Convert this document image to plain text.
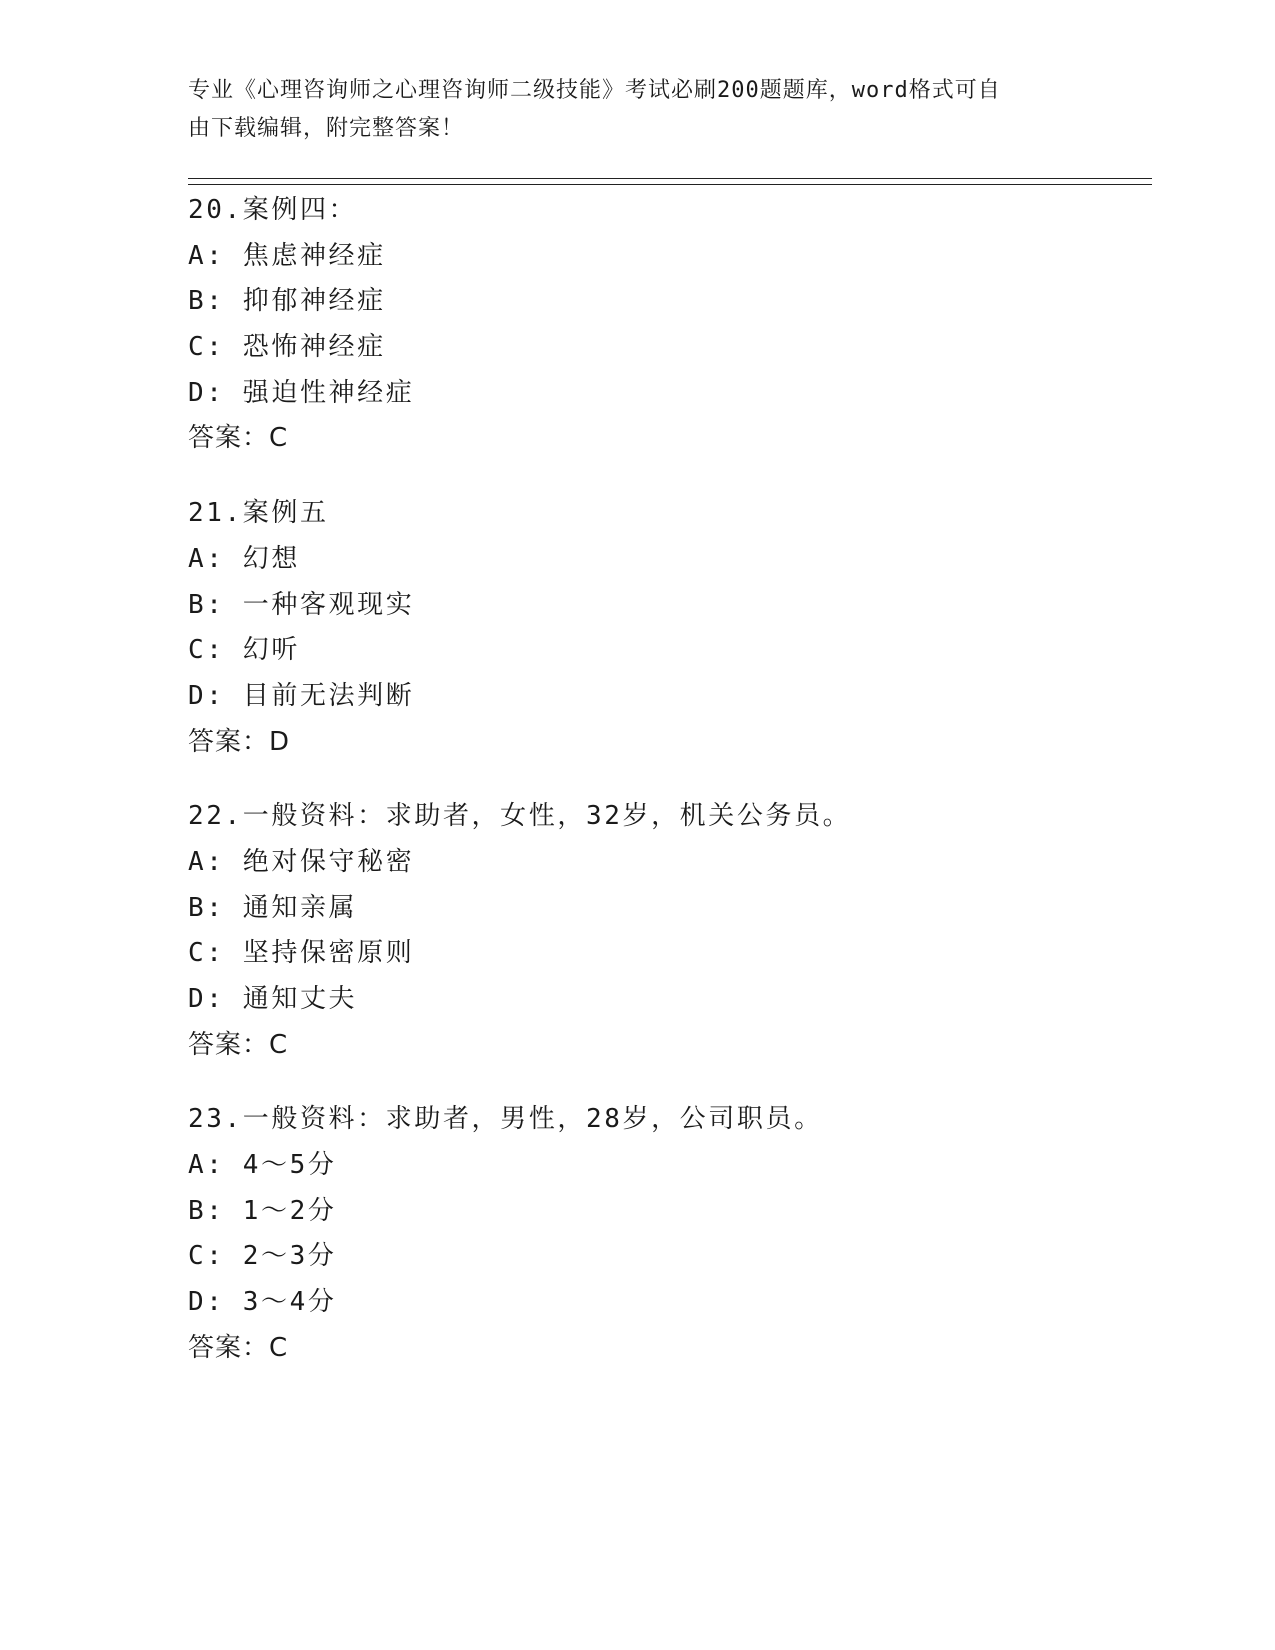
专业《心理咨询师之心理咨询师二级技能》考试必刷200题题库，word格式可自
由下载编辑，附完整答案！
20.案例四：
A: 焦虑神经症
B: 抑郁神经症
C: 恐怖神经症
D: 强迫性神经症
答案：C
21.案例五
A: 幻想
B: 一种客观现实
C: 幻听
D: 目前无法判断
答案：D
22.一般资料：求助者，女性，32岁，机关公务员。
A: 绝对保守秘密
B: 通知亲属
C: 坚持保密原则
D: 通知丈夫
答案：C
23.一般资料：求助者，男性，28岁，公司职员。
A: 4～5分
B: 1～2分
C: 2～3分
D: 3～4分
答案：C
